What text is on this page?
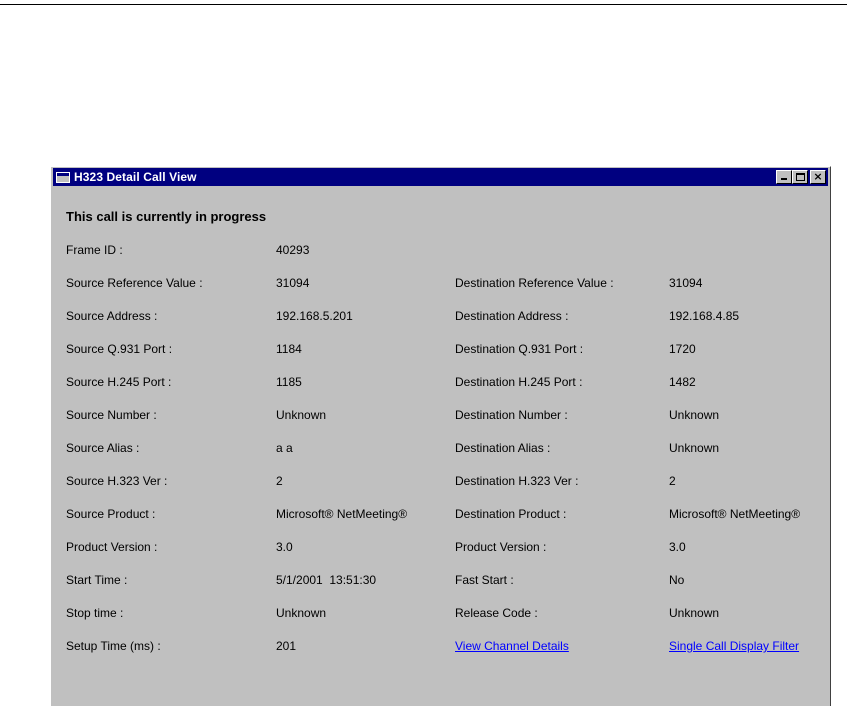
H323 Detail Call View	×
This call is currently in progress
Frame ID :	40293
Source Reference Value :	31094	Destination Reference Value :	31094
Source Address :	192.168.5.201	Destination Address :	192.168.4.85
Source Q.931 Port :	1184	Destination Q.931 Port :	1720
Source H.245 Port :	1185	Destination H.245 Port :	1482
Source Number :	Unknown	Destination Number :	Unknown
Source Alias :	a a	Destination Alias :	Unknown
Source H.323 Ver :	2	Destination H.323 Ver :	2
Source Product :	Microsoft® NetMeeting®	Destination Product :	Microsoft® NetMeeting®
Product Version :	3.0	Product Version :	3.0
Start Time :	5/1/2001  13:51:30	Fast Start :	No
Stop time :	Unknown	Release Code :	Unknown
Setup Time (ms) :	201	View Channel Details	Single Call Display Filter
